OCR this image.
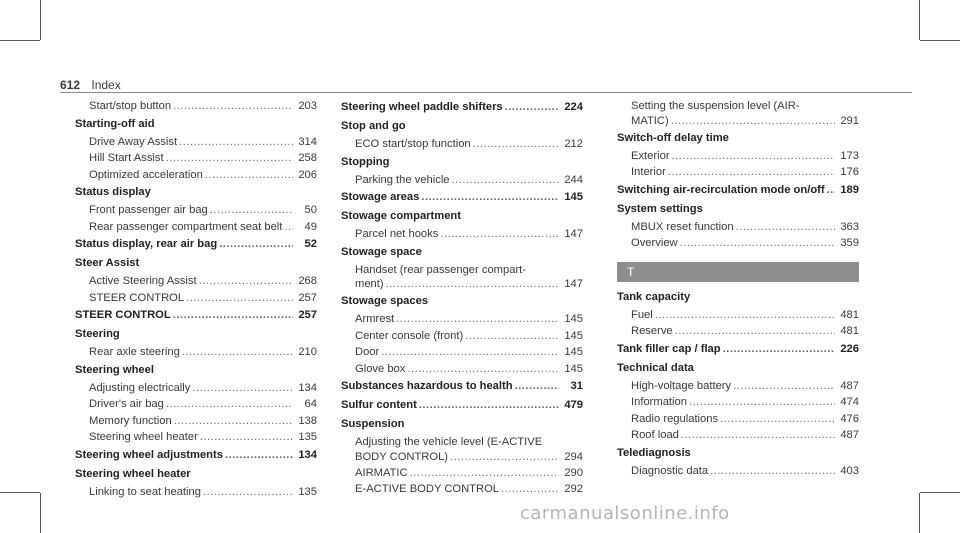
612 Index
Start/stop button .....	203
Starting-off aid
Drive Away Assist .....	314
Hill Start Assist .....	258
Optimized acceleration .....	206
Status display
Front passenger air bag .....	50
Rear passenger compartment seat belt .....	49
Status display, rear air bag .....	52
Steer Assist
Active Steering Assist .....	268
STEER CONTROL .....	257
STEER CONTROL .....	257
Steering
Rear axle steering .....	210
Steering wheel
Adjusting electrically .....	134
Driver's air bag .....	64
Memory function .....	138
Steering wheel heater .....	135
Steering wheel adjustments .....	134
Steering wheel heater
Linking to seat heating .....	135
Steering wheel paddle shifters .....	224
Stop and go
ECO start/stop function .....	212
Stopping
Parking the vehicle .....	244
Stowage areas .....	145
Stowage compartment
Parcel net hooks .....	147
Stowage space
Handset (rear passenger compart-
ment) .....	147
Stowage spaces
Armrest .....	145
Center console (front) .....	145
Door .....	145
Glove box .....	145
Substances hazardous to health .....	31
Sulfur content .....	479
Suspension
Adjusting the vehicle level (E-ACTIVE
BODY CONTROL) .....	294
AIRMATIC .....	290
E-ACTIVE BODY CONTROL .....	292
Setting the suspension level (AIR-
MATIC) .....	291
Switch-off delay time
Exterior .....	173
Interior .....	176
Switching air-recirculation mode on/off ..... 189
System settings
MBUX reset function .....	363
Overview .....	359
T
Tank capacity
Fuel .....	481
Reserve .....	481
Tank filler cap / flap .....	226
Technical data
High-voltage battery .....	487
Information .....	474
Radio regulations .....	476
Roof load .....	487
Telediagnosis
Diagnostic data .....	403
carmanualsonline.info
